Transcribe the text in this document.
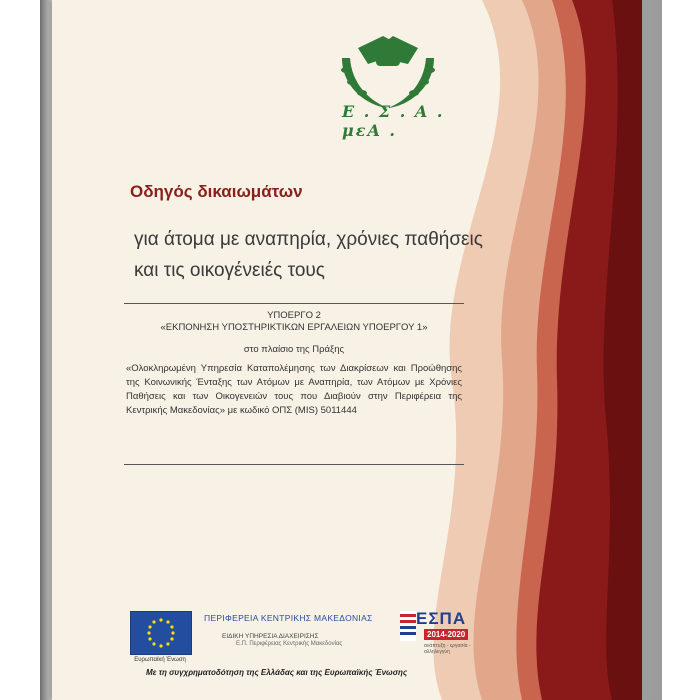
Ε . Σ . Α . μεΑ .
Οδηγός δικαιωμάτων
για άτομα με αναπηρία, χρόνιες παθήσεις
και τις οικογένειές τους
ΥΠΟΕΡΓΟ 2
«ΕΚΠΟΝΗΣΗ ΥΠΟΣΤΗΡΙΚΤΙΚΩΝ ΕΡΓΑΛΕΙΩΝ ΥΠΟΕΡΓΟΥ 1»
στο πλαίσιο της Πράξης
«Ολοκληρωμένη Υπηρεσία Καταπολέμησης των Διακρίσεων και Προώθησης της Κοινωνικής Ένταξης των Ατόμων με Αναπηρία, των Ατόμων με Χρόνιες Παθήσεις και των Οικογενειών τους που Διαβιούν στην Περιφέρεια της Κεντρικής Μακεδονίας» με κωδικό ΟΠΣ (MIS) 5011444
Ευρωπαϊκή Ένωση
ΠΕΡΙΦΕΡΕΙΑ ΚΕΝΤΡΙΚΗΣ ΜΑΚΕΔΟΝΙΑΣ
ΕΙΔΙΚΗ ΥΠΗΡΕΣΙΑ ΔΙΑΧΕΙΡΙΣΗΣ
Ε.Π. Περιφέρειας Κεντρικής Μακεδονίας
ΕΣΠΑ
2014-2020
ανάπτυξη - εργασία - αλληλεγγύη
Με τη συγχρηματοδότηση της Ελλάδας και της Ευρωπαϊκής Ένωσης
